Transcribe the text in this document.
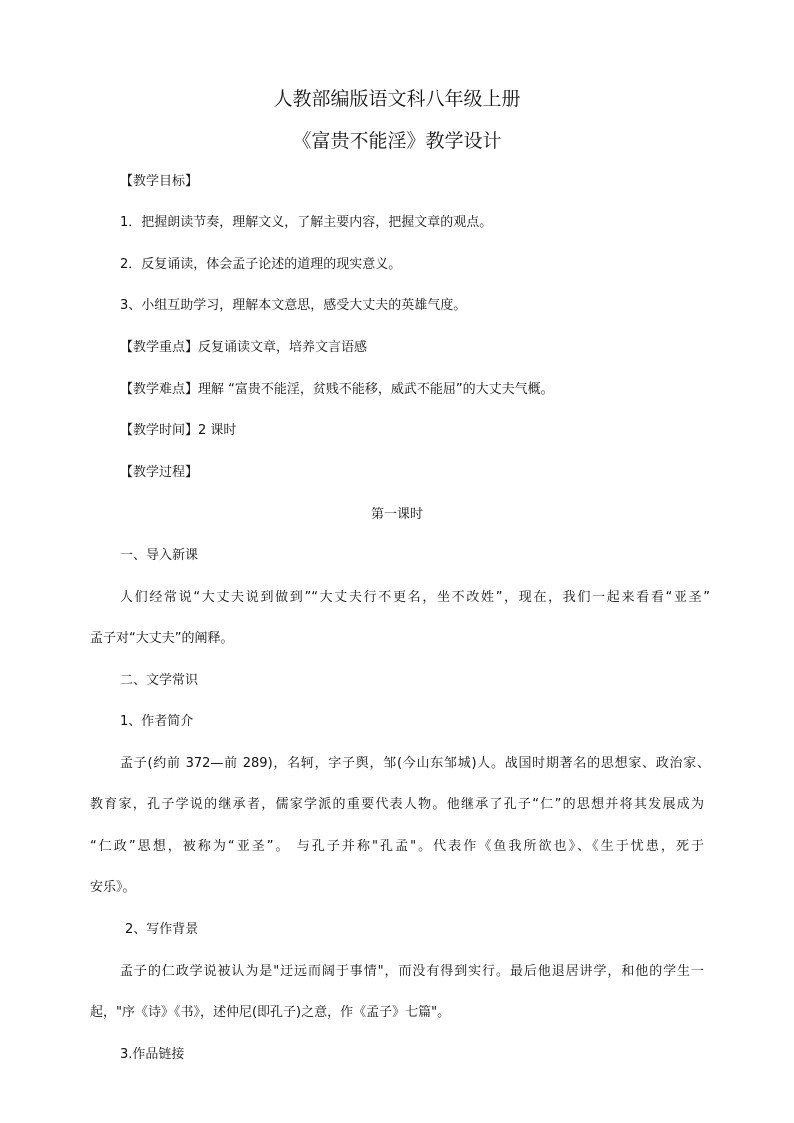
人教部编版语文科八年级上册
《富贵不能淫》教学设计
【教学目标】
1．把握朗读节奏，理解文义，了解主要内容，把握文章的观点。
2．反复诵读，体会孟子论述的道理的现实意义。
3、小组互助学习，理解本文意思，感受大丈夫的英雄气度。
【教学重点】反复诵读文章，培养文言语感
【教学难点】理解 “富贵不能淫，贫贱不能移，威武不能屈”的大丈夫气概。
【教学时间】2 课时
【教学过程】
第一课时
一、导入新课
人们经常说“大丈夫说到做到”“大丈夫行不更名，坐不改姓”，现在，我们一起来看看“亚圣”
孟子对“大丈夫”的阐释。
二、文学常识
1、作者简介
孟子(约前 372—前 289)，名轲，字子舆，邹(今山东邹城)人。战国时期著名的思想家、政治家、
教育家，孔子学说的继承者，儒家学派的重要代表人物。他继承了孔子“仁”的思想并将其发展成为
“仁政”思想，被称为“亚圣”。 与孔子并称"孔孟"。代表作《鱼我所欲也》、《生于忧患，死于
安乐》。
2、写作背景
孟子的仁政学说被认为是"迂远而阔于事情"，而没有得到实行。最后他退居讲学，和他的学生一
起，"序《诗》《书》，述仲尼(即孔子)之意，作《孟子》七篇"。
3.作品链接
